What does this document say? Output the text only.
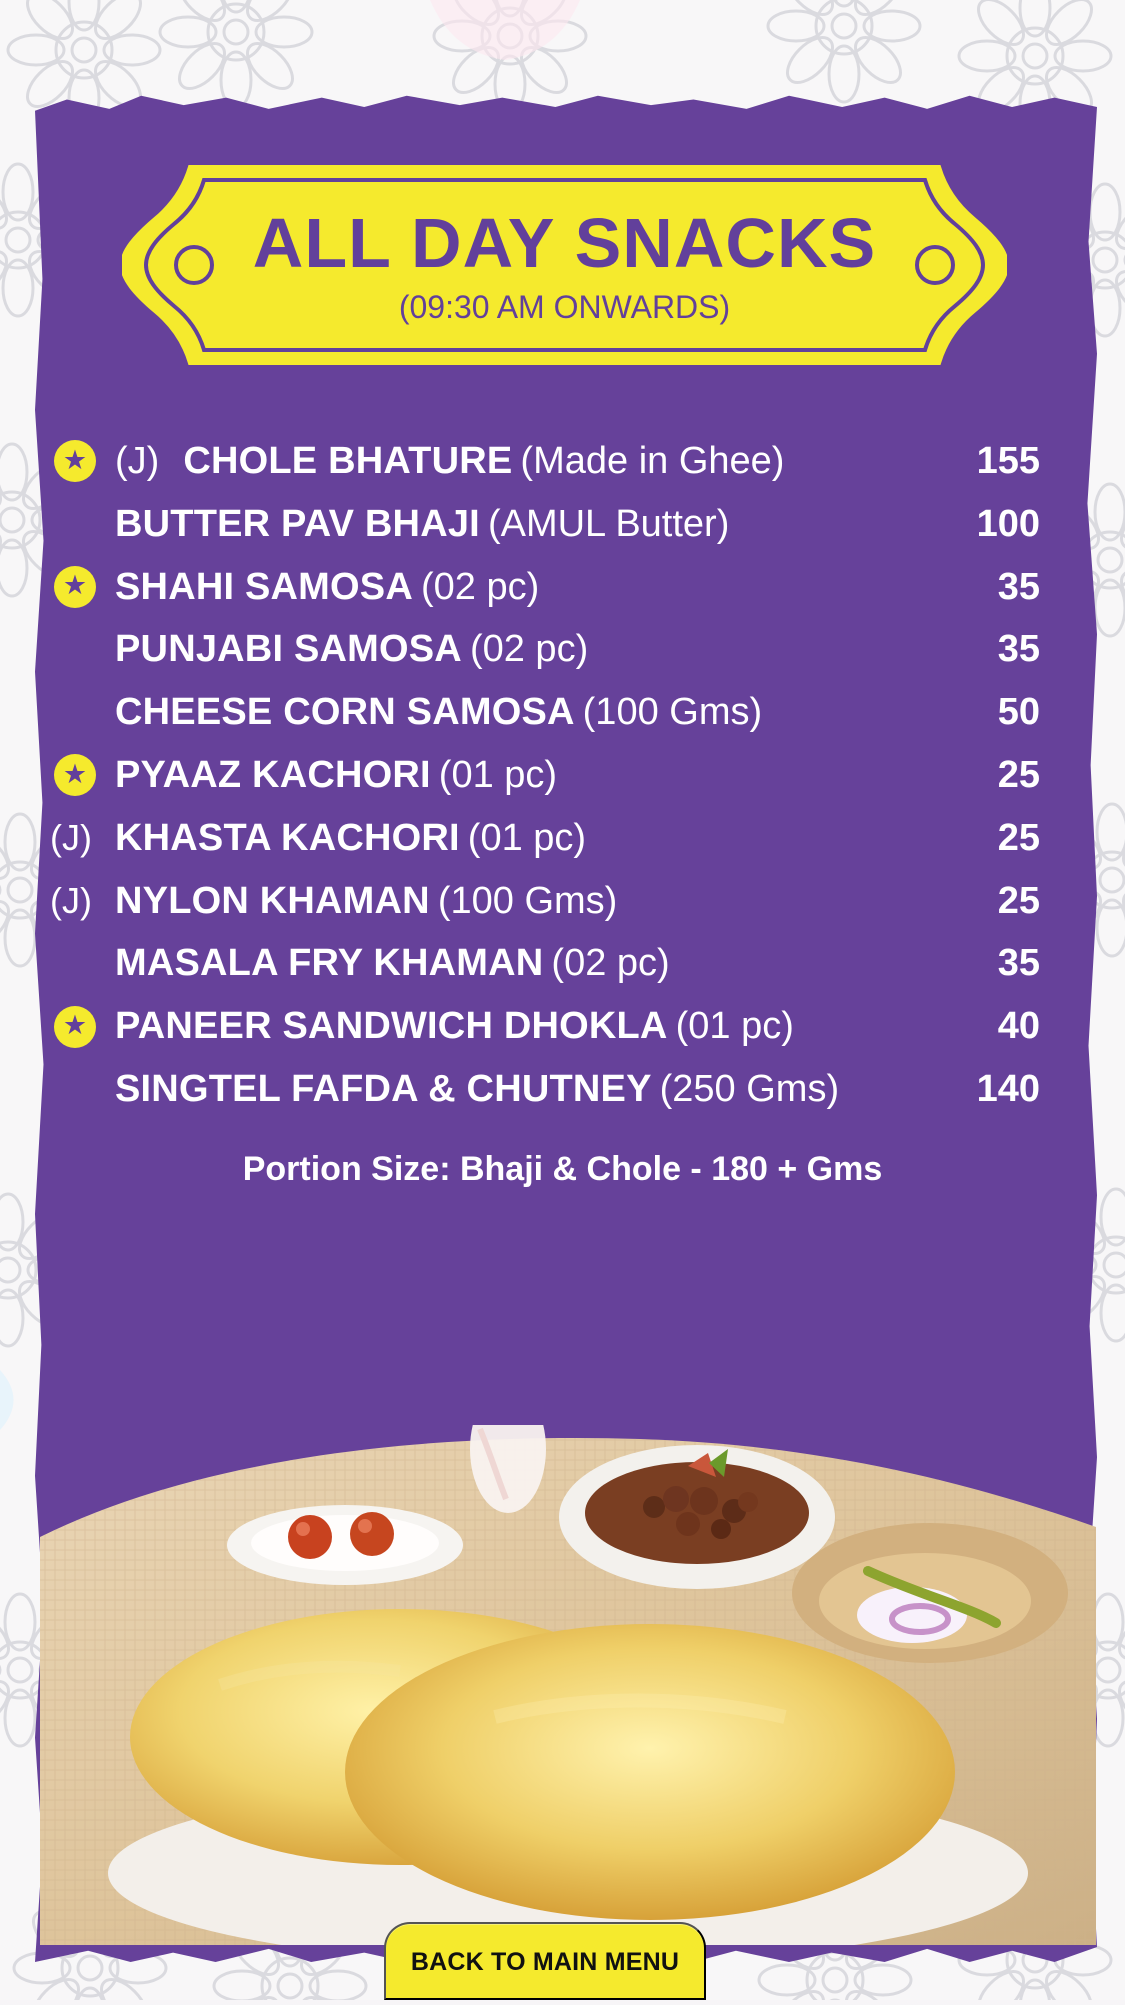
ALL DAY SNACKS
(09:30 AM ONWARDS)
★ (J) CHOLE BHATURE (Made in Ghee)	155
BUTTER PAV BHAJI (AMUL Butter)	100
★ SHAHI SAMOSA (02 pc)	35
PUNJABI SAMOSA (02 pc)	35
CHEESE CORN SAMOSA (100 Gms)	50
★ PYAAZ KACHORI (01 pc)	25
(J) KHASTA KACHORI (01 pc)	25
(J) NYLON KHAMAN (100 Gms)	25
MASALA FRY KHAMAN (02 pc)	35
★ PANEER SANDWICH DHOKLA (01 pc)	40
SINGTEL FAFDA & CHUTNEY (250 Gms)	140
Portion Size: Bhaji & Chole - 180 + Gms
BACK TO MAIN MENU
